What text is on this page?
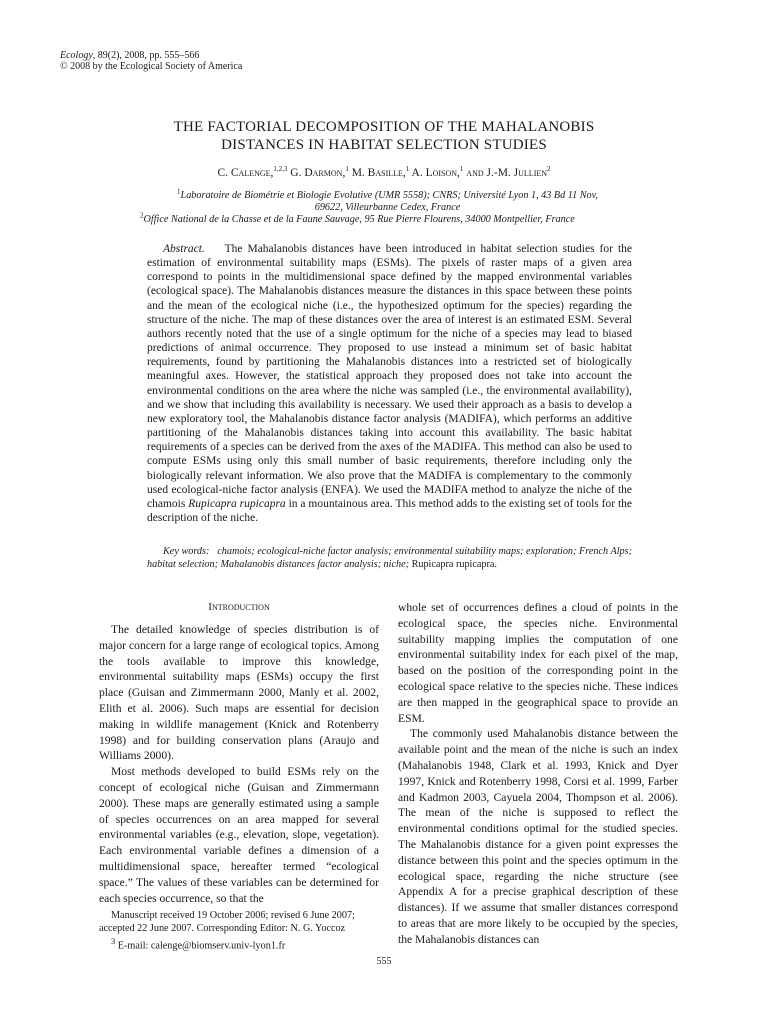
Ecology, 89(2), 2008, pp. 555–566
© 2008 by the Ecological Society of America
THE FACTORIAL DECOMPOSITION OF THE MAHALANOBIS
DISTANCES IN HABITAT SELECTION STUDIES
C. Calenge,$^{1,2,3}$ G. Darmon,$^1$ M. Basille,$^1$ A. Loison,$^1$ and J.-M. Jullien$^2$
$^1$Laboratoire de Biométrie et Biologie Evolutive (UMR 5558); CNRS; Université Lyon 1, 43 Bd 11 Nov,
69622, Villeurbanne Cedex, France
$^2$Office National de la Chasse et de la Faune Sauvage, 95 Rue Pierre Flourens, 34000 Montpellier, France
Abstract. The Mahalanobis distances have been introduced in habitat selection studies for the estimation of environmental suitability maps (ESMs). The pixels of raster maps of a given area correspond to points in the multidimensional space defined by the mapped environmental variables (ecological space). The Mahalanobis distances measure the distances in this space between these points and the mean of the ecological niche (i.e., the hypothesized optimum for the species) regarding the structure of the niche. The map of these distances over the area of interest is an estimated ESM. Several authors recently noted that the use of a single optimum for the niche of a species may lead to biased predictions of animal occurrence. They proposed to use instead a minimum set of basic habitat requirements, found by partitioning the Mahalanobis distances into a restricted set of biologically meaningful axes. However, the statistical approach they proposed does not take into account the environmental conditions on the area where the niche was sampled (i.e., the environmental availability), and we show that including this availability is necessary. We used their approach as a basis to develop a new exploratory tool, the Mahalanobis distance factor analysis (MADIFA), which performs an additive partitioning of the Mahalanobis distances taking into account this availability. The basic habitat requirements of a species can be derived from the axes of the MADIFA. This method can also be used to compute ESMs using only this small number of basic requirements, therefore including only the biologically relevant information. We also prove that the MADIFA is complementary to the commonly used ecological-niche factor analysis (ENFA). We used the MADIFA method to analyze the niche of the chamois Rupicapra rupicapra in a mountainous area. This method adds to the existing set of tools for the description of the niche.
Key words: chamois; ecological-niche factor analysis; environmental suitability maps; exploration; French Alps; habitat selection; Mahalanobis distances factor analysis; niche; Rupicapra rupicapra.
Introduction

The detailed knowledge of species distribution is of major concern for a large range of ecological topics. Among the tools available to improve this knowledge, environmental suitability maps (ESMs) occupy the first place (Guisan and Zimmermann 2000, Manly et al. 2002, Elith et al. 2006). Such maps are essential for decision making in wildlife management (Knick and Rotenberry 1998) and for building conservation plans (Araujo and Williams 2000).

Most methods developed to build ESMs rely on the concept of ecological niche (Guisan and Zimmermann 2000). These maps are generally estimated using a sample of species occurrences on an area mapped for several environmental variables (e.g., elevation, slope, vegetation). Each environmental variable defines a dimension of a multidimensional space, hereafter termed “ecological space.” The values of these variables can be determined for each species occurrence, so that the

whole set of occurrences defines a cloud of points in the ecological space, the species niche. Environmental suitability mapping implies the computation of one environmental suitability index for each pixel of the map, based on the position of the corresponding point in the ecological space relative to the species niche. These indices are then mapped in the geographical space to provide an ESM.

The commonly used Mahalanobis distance between the available point and the mean of the niche is such an index (Mahalanobis 1948, Clark et al. 1993, Knick and Dyer 1997, Knick and Rotenberry 1998, Corsi et al. 1999, Farber and Kadmon 2003, Cayuela 2004, Thompson et al. 2006). The mean of the niche is supposed to reflect the environmental conditions optimal for the studied species. The Mahalanobis distance for a given point expresses the distance between this point and the species optimum in the ecological space, regarding the niche structure (see Appendix A for a precise graphical description of these distances). If we assume that smaller distances correspond to areas that are more likely to be occupied by the species, the Mahalanobis distances can

Manuscript received 19 October 2006; revised 6 June 2007; accepted 22 June 2007. Corresponding Editor: N. G. Yoccoz
$^3$ E-mail: calenge@biomserv.univ-lyon1.fr
555
